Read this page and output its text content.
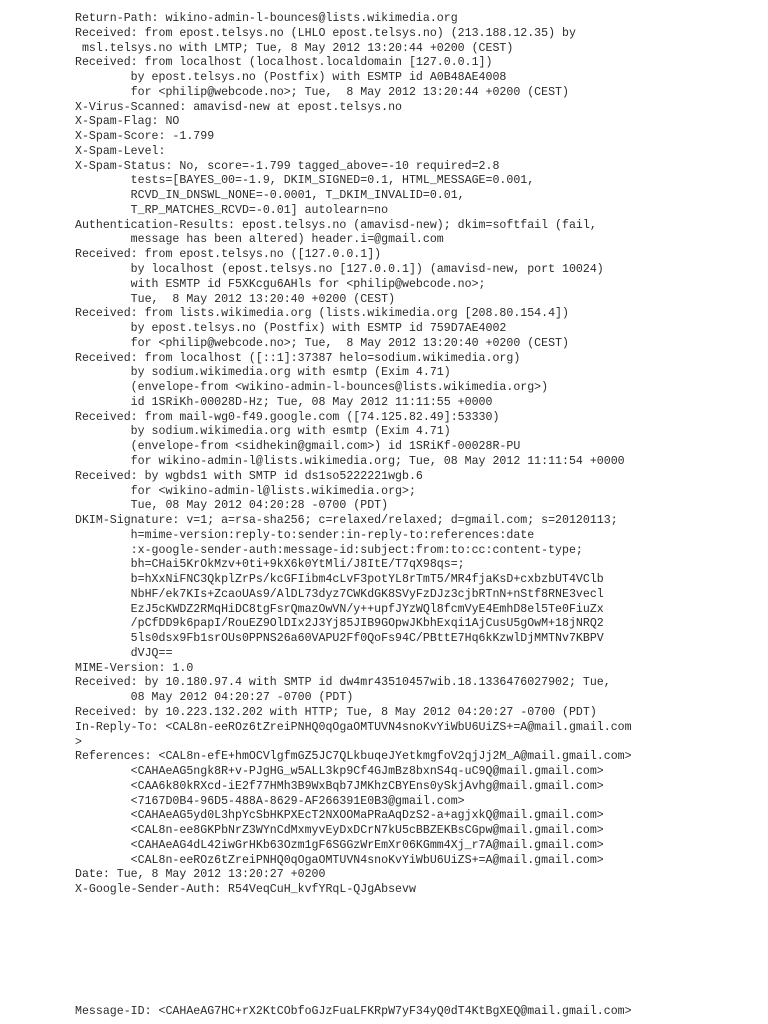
Return-Path: wikino-admin-l-bounces@lists.wikimedia.org
Received: from epost.telsys.no (LHLO epost.telsys.no) (213.188.12.35) by
msl.telsys.no with LMTP; Tue, 8 May 2012 13:20:44 +0200 (CEST)
Received: from localhost (localhost.localdomain [127.0.0.1])
by epost.telsys.no (Postfix) with ESMTP id A0B48AE4008
for <philip@webcode.no>; Tue,  8 May 2012 13:20:44 +0200 (CEST)
X-Virus-Scanned: amavisd-new at epost.telsys.no
X-Spam-Flag: NO
X-Spam-Score: -1.799
X-Spam-Level:
X-Spam-Status: No, score=-1.799 tagged_above=-10 required=2.8
tests=[BAYES_00=-1.9, DKIM_SIGNED=0.1, HTML_MESSAGE=0.001,
RCVD_IN_DNSWL_NONE=-0.0001, T_DKIM_INVALID=0.01,
T_RP_MATCHES_RCVD=-0.01] autolearn=no
Authentication-Results: epost.telsys.no (amavisd-new); dkim=softfail (fail,
message has been altered) header.i=@gmail.com
Received: from epost.telsys.no ([127.0.0.1])
by localhost (epost.telsys.no [127.0.0.1]) (amavisd-new, port 10024)
with ESMTP id F5XKcgu6AHls for <philip@webcode.no>;
Tue,  8 May 2012 13:20:40 +0200 (CEST)
Received: from lists.wikimedia.org (lists.wikimedia.org [208.80.154.4])
by epost.telsys.no (Postfix) with ESMTP id 759D7AE4002
for <philip@webcode.no>; Tue,  8 May 2012 13:20:40 +0200 (CEST)
Received: from localhost ([::1]:37387 helo=sodium.wikimedia.org)
by sodium.wikimedia.org with esmtp (Exim 4.71)
(envelope-from <wikino-admin-l-bounces@lists.wikimedia.org>)
id 1SRiKh-00028D-Hz; Tue, 08 May 2012 11:11:55 +0000
Received: from mail-wg0-f49.google.com ([74.125.82.49]:53330)
by sodium.wikimedia.org with esmtp (Exim 4.71)
(envelope-from <sidhekin@gmail.com>) id 1SRiKf-00028R-PU
for wikino-admin-l@lists.wikimedia.org; Tue, 08 May 2012 11:11:54 +0000
Received: by wgbds1 with SMTP id ds1so5222221wgb.6
for <wikino-admin-l@lists.wikimedia.org>;
Tue, 08 May 2012 04:20:28 -0700 (PDT)
DKIM-Signature: v=1; a=rsa-sha256; c=relaxed/relaxed; d=gmail.com; s=20120113;
h=mime-version:reply-to:sender:in-reply-to:references:date
:x-google-sender-auth:message-id:subject:from:to:cc:content-type;
bh=CHai5KrOkMzv+0ti+9kX6k0YtMli/J8ItE/T7qX98qs=;
b=hXxNiFNC3QkplZrPs/kcGFIibm4cLvF3potYL8rTmT5/MR4fjaKsD+cxbzbUT4VClb
NbHF/ek7KIs+ZcaoUAs9/AlDL73dyz7CWKdGK8SVyFzDJz3cjbRTnN+nStf8RNE3vecl
EzJ5cKWDZ2RMqHiDC8tgFsrQmazOwVN/y++upfJYzWQl8fcmVyE4EmhD8el5Te0FiuZx
/pCfDD9k6papI/RouEZ9OlDIx2J3Yj85JIB9GOpwJKbhExqi1AjCusU5gOwM+18jNRQ2
5ls0dsx9Fb1srOUs0PPNS26a60VAPU2Ff0QoFs94C/PBttE7Hq6kKzwlDjMMTNv7KBPV
dVJQ==
MIME-Version: 1.0
Received: by 10.180.97.4 with SMTP id dw4mr43510457wib.18.1336476027902; Tue,
08 May 2012 04:20:27 -0700 (PDT)
Received: by 10.223.132.202 with HTTP; Tue, 8 May 2012 04:20:27 -0700 (PDT)
In-Reply-To: <CAL8n-eeROz6tZreiPNHQ0qOgaOMTUVN4snoKvYiWbU6UiZS+=A@mail.gmail.com
>
References: <CAL8n-efE+hmOCVlgfmGZ5JC7QLkbuqeJYetkmgfoV2qjJj2M_A@mail.gmail.com>
<CAHAeAG5ngk8R+v-PJgHG_w5ALL3kp9Cf4GJmBz8bxnS4q-uC9Q@mail.gmail.com>
<CAA6k80kRXcd-iE2f77HMh3B9WxBqb7JMKhzCBYEns0ySkjAvhg@mail.gmail.com>
<7167D0B4-96D5-488A-8629-AF266391E0B3@gmail.com>
<CAHAeAG5yd0L3hpYcSbHKPXEcT2NXOOMaPRaAqDzS2-a+agjxkQ@mail.gmail.com>
<CAL8n-ee8GKPbNrZ3WYnCdMxmyvEyDxDCrN7kU5cBBZEKBsCGpw@mail.gmail.com>
<CAHAeAG4dL42iwGrHKb63Ozm1gF6SGGzWrEmXr06KGmm4Xj_r7A@mail.gmail.com>
<CAL8n-eeROz6tZreiPNHQ0qOgaOMTUVN4snoKvYiWbU6UiZS+=A@mail.gmail.com>
Date: Tue, 8 May 2012 13:20:27 +0200
X-Google-Sender-Auth: R54VeqCuH_kvfYRqL-QJgAbsevw
Message-ID: <CAHAeAG7HC+rX2KtCObfoGJzFuaLFKRpW7yF34yQ0dT4KtBgXEQ@mail.gmail.com>
